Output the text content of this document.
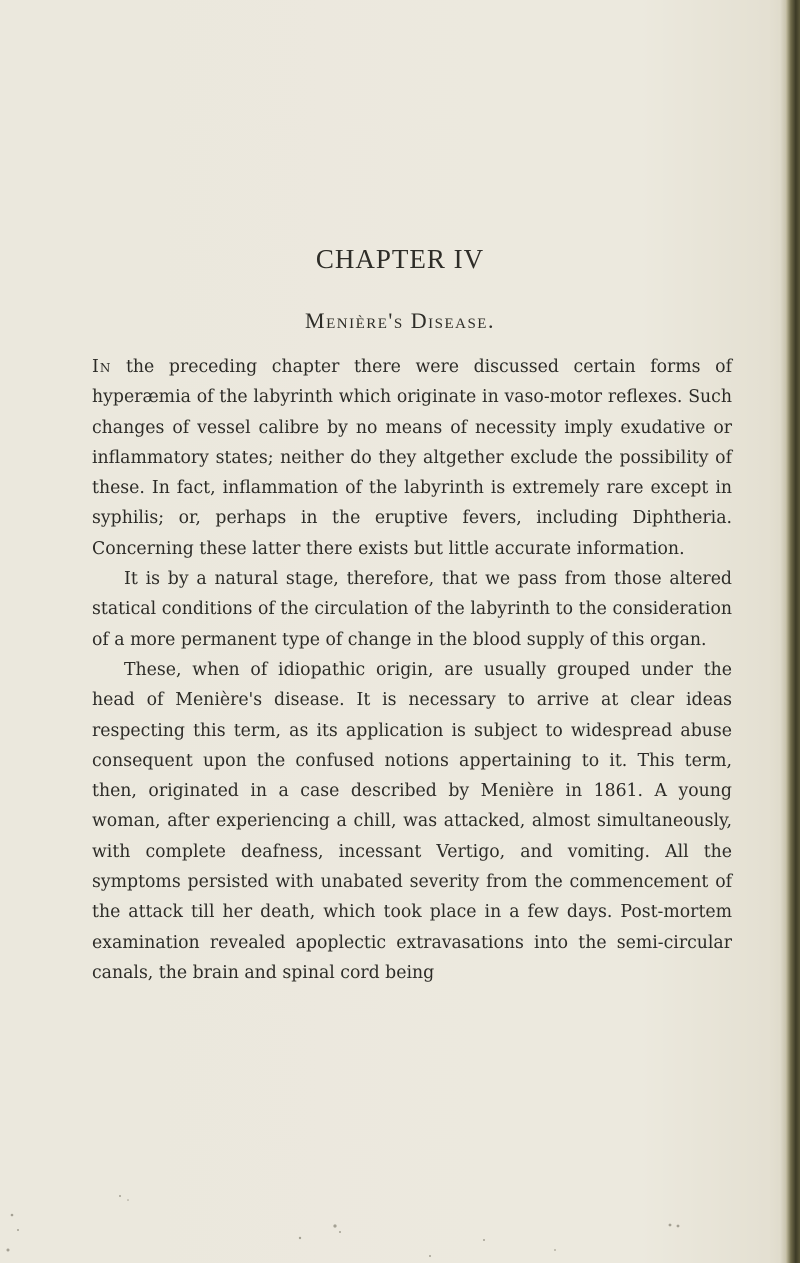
CHAPTER IV
Menière's Disease.

In the preceding chapter there were discussed certain forms of hyperæmia of the labyrinth which originate in vaso-motor reflexes. Such changes of vessel calibre by no means of necessity imply exudative or inflammatory states; neither do they altgether exclude the possibility of these. In fact, inflammation of the labyrinth is extremely rare except in syphilis; or, perhaps in the eruptive fevers, including Diphtheria. Concerning these latter there exists but little accurate information.

It is by a natural stage, therefore, that we pass from those altered statical conditions of the circulation of the labyrinth to the consideration of a more permanent type of change in the blood supply of this organ.

These, when of idiopathic origin, are usually grouped under the head of Menière's disease. It is necessary to arrive at clear ideas respecting this term, as its application is subject to widespread abuse consequent upon the confused notions appertaining to it. This term, then, originated in a case described by Menière in 1861. A young woman, after experiencing a chill, was attacked, almost simultaneously, with complete deafness, incessant Vertigo, and vomiting. All the symptoms persisted with unabated severity from the commencement of the attack till her death, which took place in a few days. Post-mortem examination revealed apoplectic extravasations into the semi-circular canals, the brain and spinal cord being
